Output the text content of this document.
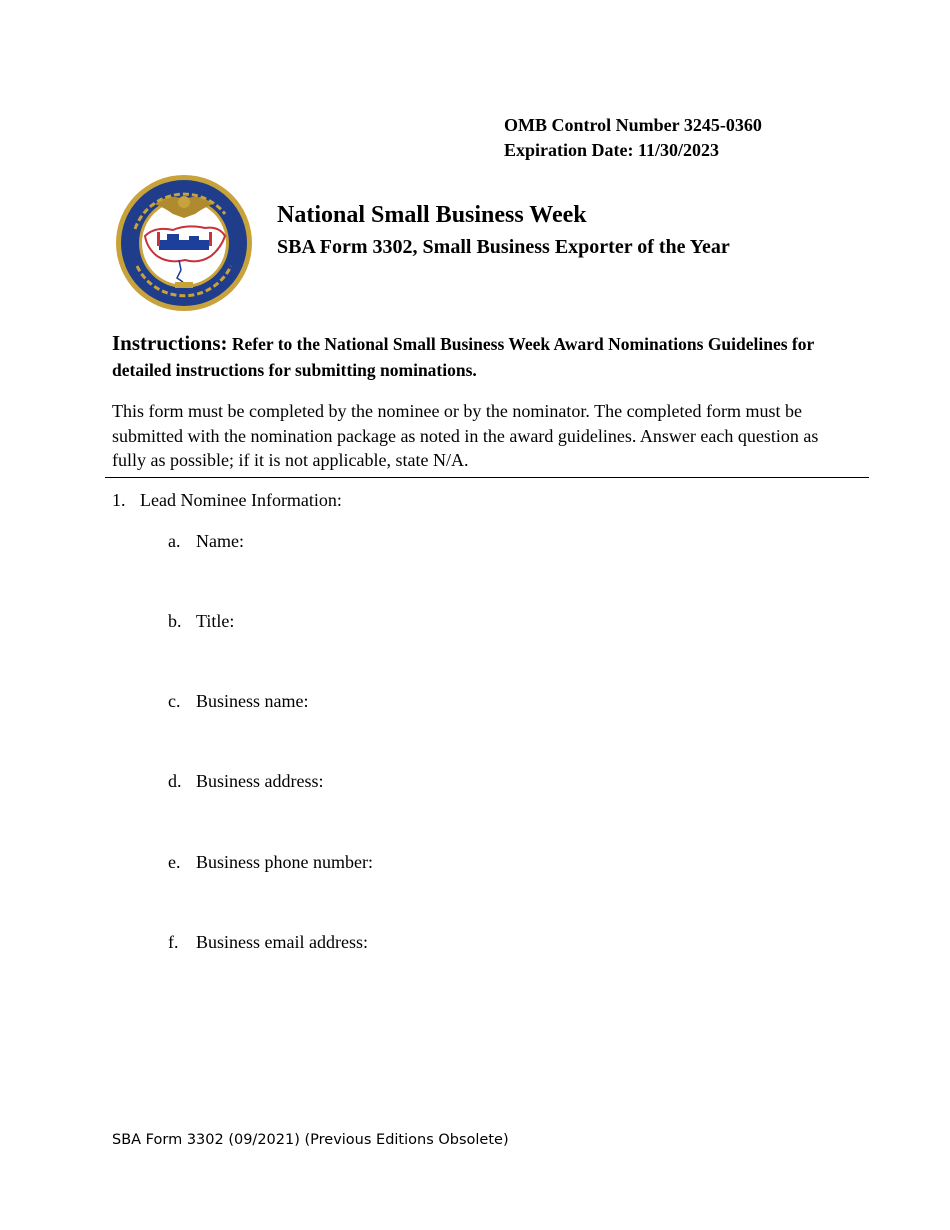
OMB Control Number 3245-0360
Expiration Date: 11/30/2023
National Small Business Week
SBA Form 3302, Small Business Exporter of the Year
Instructions: Refer to the National Small Business Week Award Nominations Guidelines for detailed instructions for submitting nominations.
This form must be completed by the nominee or by the nominator. The completed form must be submitted with the nomination package as noted in the award guidelines. Answer each question as fully as possible; if it is not applicable, state N/A.
1. Lead Nominee Information:
a. Name:
b. Title:
c. Business name:
d. Business address:
e. Business phone number:
f. Business email address:
SBA Form 3302 (09/2021) (Previous Editions Obsolete)
